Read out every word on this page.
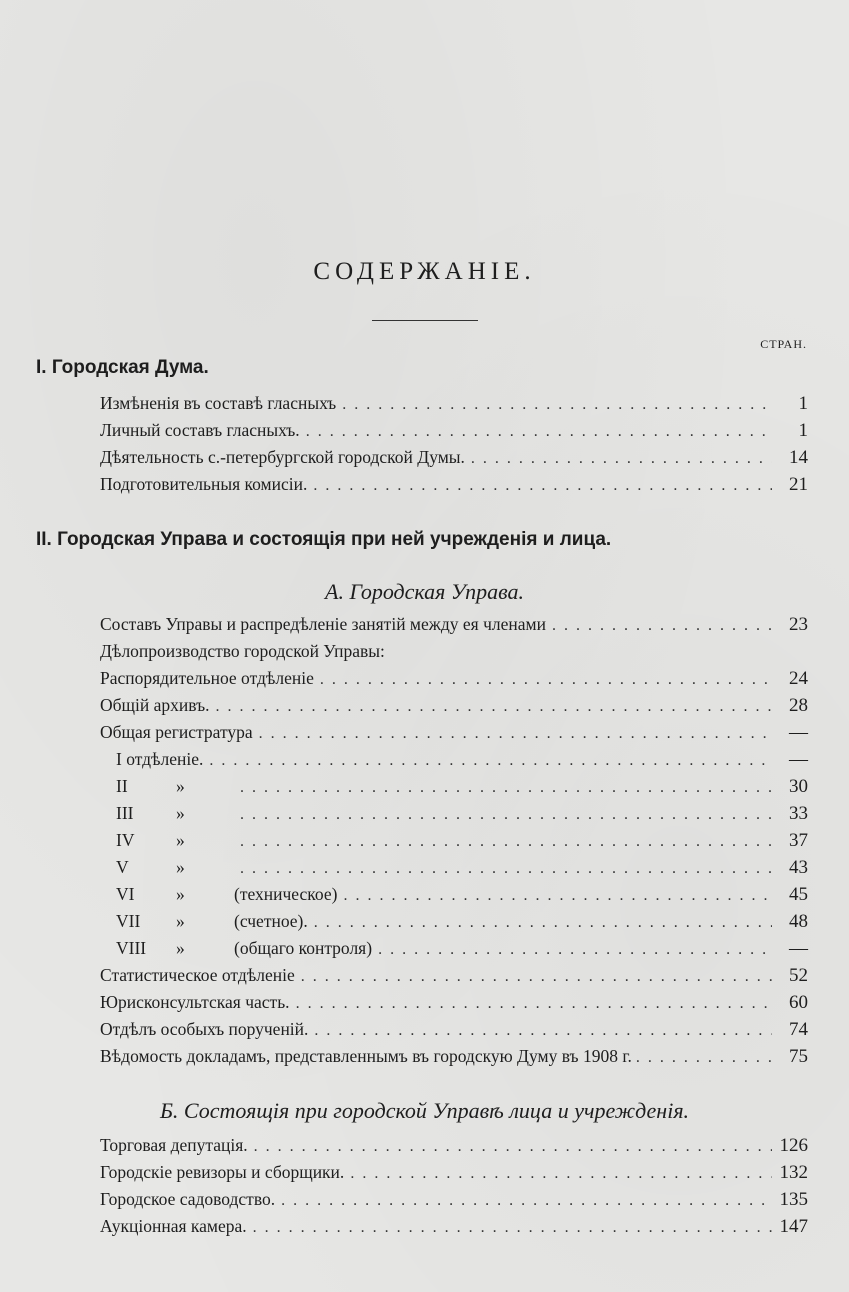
СОДЕРЖАНІЕ.
СТРАН.
I. Городская Дума.
Измѣненія въ составѣ гласныхъ . . .	1
Личный составъ гласныхъ. . . .	1
Дѣятельность с.-петербургской городской Думы. . . .	14
Подготовительныя комисіи. . . .	21
II. Городская Управа и состоящія при ней учрежденія и лица.
А. Городская Управа.
Составъ Управы и распредѣленіе занятій между ея членами . . .	23
Дѣлопроизводство городской Управы:
Распорядительное отдѣленіе . . .	24
Общій архивъ. . . .	28
Общая регистратура . . .	—
I отдѣленіе. . . .	—
II	» . . .	30
III	» . . .	33
IV	» . . .	37
V	» . . .	43
VI	»	(техническое) . . .	45
VII	»	(счетное). . . .	48
VIII	»	(общаго контроля) . . .	—
Статистическое отдѣленіе . . .	52
Юрисконсультская часть. . . .	60
Отдѣлъ особыхъ порученій. . . .	74
Вѣдомость докладамъ, представленнымъ въ городскую Думу въ 1908 г. . . .	75
Б. Состоящія при городской Управѣ лица и учрежденія.
Торговая депутація. . . .	126
Городскіе ревизоры и сборщики. . . .	132
Городское садоводство. . . .	135
Аукціонная камера. . . .	147
